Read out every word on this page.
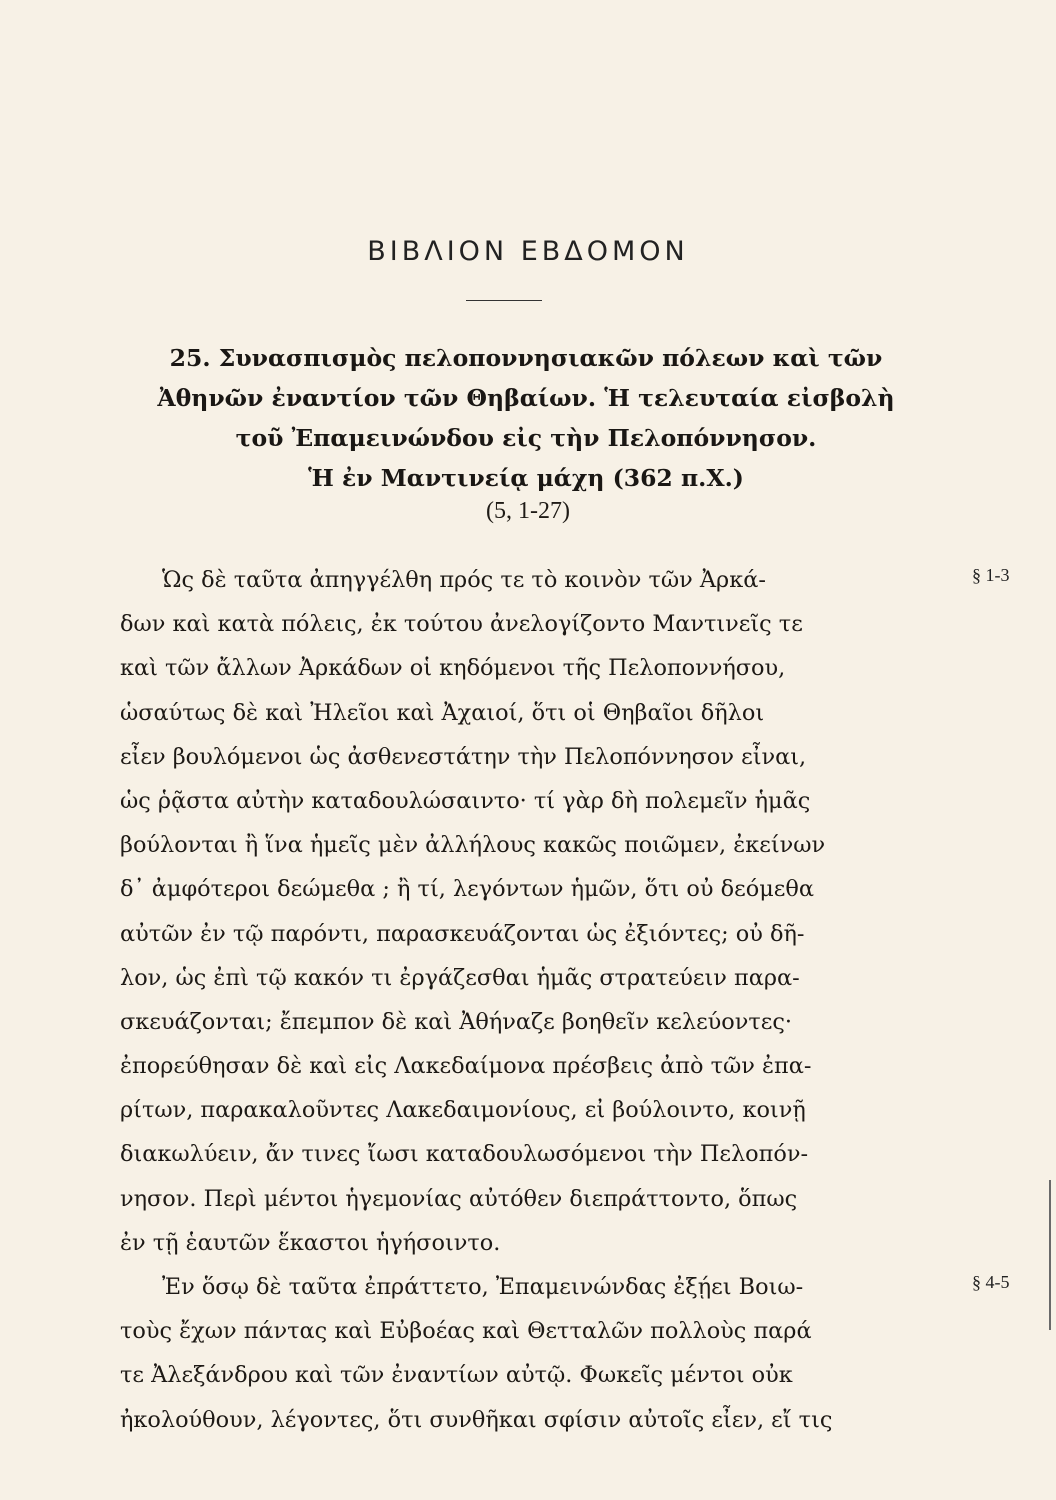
ΒΙΒΛΙΟΝ ΕΒΔΟΜΟΝ
25. Συνασπισμὸς πελοποννησιακῶν πόλεων καὶ τῶν
Ἀθηνῶν ἐναντίον τῶν Θηβαίων. Ἡ τελευταία εἰσβολὴ
τοῦ Ἐπαμεινώνδου εἰς τὴν Πελοπόννησον.
Ἡ ἐν Μαντινείᾳ μάχη (362 π.Χ.)
(5, 1-27)
Ὡς δὲ ταῦτα ἀπηγγέλθη πρός τε τὸ κοινὸν τῶν Ἀρκά-
δων καὶ κατὰ πόλεις, ἐκ τούτου ἀνελογίζοντο Μαντινεῖς τε
καὶ τῶν ἄλλων Ἀρκάδων οἱ κηδόμενοι τῆς Πελοποννήσου,
ὡσαύτως δὲ καὶ Ἠλεῖοι καὶ Ἀχαιοί, ὅτι οἱ Θηβαῖοι δῆλοι
εἶεν βουλόμενοι ὡς ἀσθενεστάτην τὴν Πελοπόννησον εἶναι,
ὡς ῥᾷστα αὐτὴν καταδουλώσαιντο· τί γὰρ δὴ πολεμεῖν ἡμᾶς
βούλονται ἢ ἵνα ἡμεῖς μὲν ἀλλήλους κακῶς ποιῶμεν, ἐκείνων
δ᾿ ἀμφότεροι δεώμεθα ; ἢ τί, λεγόντων ἡμῶν, ὅτι οὐ δεόμεθα
αὐτῶν ἐν τῷ παρόντι, παρασκευάζονται ὡς ἐξιόντες; οὐ δῆ-
λον, ὡς ἐπὶ τῷ κακόν τι ἐργάζεσθαι ἡμᾶς στρατεύειν παρα-
σκευάζονται; ἔπεμπον δὲ καὶ Ἀθήναζε βοηθεῖν κελεύοντες·
ἐπορεύθησαν δὲ καὶ εἰς Λακεδαίμονα πρέσβεις ἀπὸ τῶν ἐπα-
ρίτων, παρακαλοῦντες Λακεδαιμονίους, εἰ βούλοιντο, κοινῇ
διακωλύειν, ἄν τινες ἴωσι καταδουλωσόμενοι τὴν Πελοπόν-
νησον. Περὶ μέντοι ἡγεμονίας αὐτόθεν διεπράττοντο, ὅπως
ἐν τῇ ἑαυτῶν ἕκαστοι ἡγήσοιντο.
Ἐν ὅσῳ δὲ ταῦτα ἐπράττετο, Ἐπαμεινώνδας ἐξῄει Βοιω-
τοὺς ἔχων πάντας καὶ Εὐβοέας καὶ Θετταλῶν πολλοὺς παρά
τε Ἀλεξάνδρου καὶ τῶν ἐναντίων αὐτῷ. Φωκεῖς μέντοι οὐκ
ἠκολούθουν, λέγοντες, ὅτι συνθῆκαι σφίσιν αὐτοῖς εἶεν, εἴ τις
§ 1-3
§ 4-5
